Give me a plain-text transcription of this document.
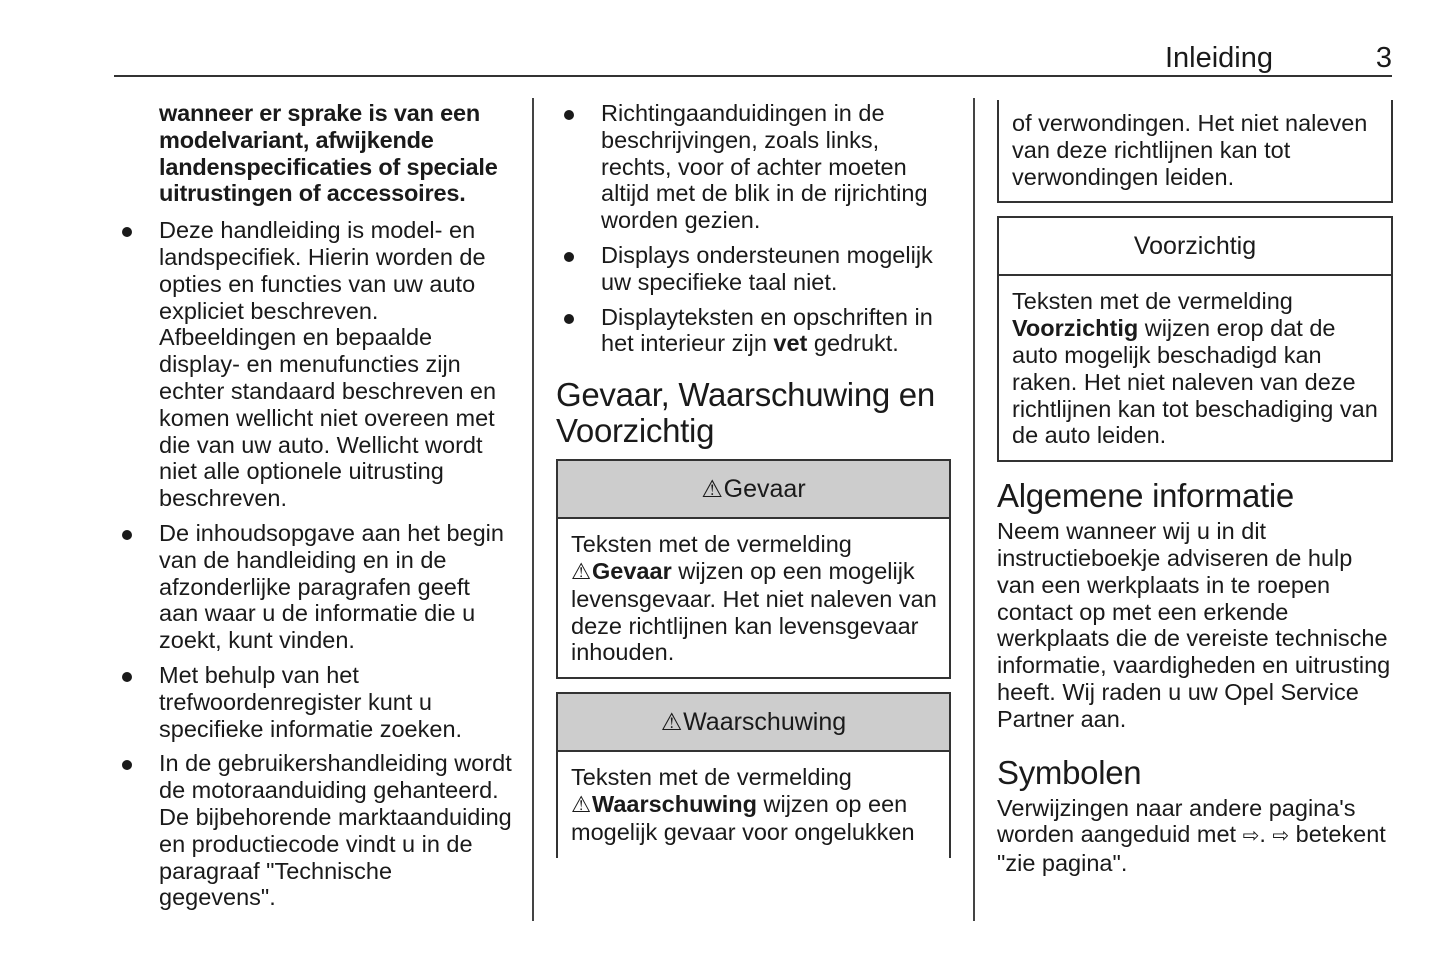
Inleiding	3
wanneer er sprake is van een modelvariant, afwijkende landenspecificaties of speciale uitrustingen of accessoires.
Deze handleiding is model- en landspecifiek. Hierin worden de opties en functies van uw auto expliciet beschreven. Afbeeldingen en bepaalde display- en menufuncties zijn echter standaard beschreven en komen wellicht niet overeen met die van uw auto. Wellicht wordt niet alle optionele uitrusting beschreven.
De inhoudsopgave aan het begin van de handleiding en in de afzonderlijke paragrafen geeft aan waar u de informatie die u zoekt, kunt vinden.
Met behulp van het trefwoordenregister kunt u specifieke informatie zoeken.
In de gebruikershandleiding wordt de motoraanduiding gehanteerd. De bijbehorende marktaanduiding en productiecode vindt u in de paragraaf "Technische gegevens".
Richtingaanduidingen in de beschrijvingen, zoals links, rechts, voor of achter moeten altijd met de blik in de rijrichting worden gezien.
Displays ondersteunen mogelijk uw specifieke taal niet.
Displayteksten en opschriften in het interieur zijn vet gedrukt.
Gevaar, Waarschuwing en Voorzichtig
⚠Gevaar
Teksten met de vermelding
⚠Gevaar wijzen op een mogelijk levensgevaar. Het niet naleven van deze richtlijnen kan levensgevaar inhouden.
⚠Waarschuwing
Teksten met de vermelding
⚠Waarschuwing wijzen op een mogelijk gevaar voor ongelukken
of verwondingen. Het niet naleven van deze richtlijnen kan tot verwondingen leiden.
Voorzichtig
Teksten met de vermelding
Voorzichtig wijzen erop dat de auto mogelijk beschadigd kan raken. Het niet naleven van deze richtlijnen kan tot beschadiging van de auto leiden.
Algemene informatie

Neem wanneer wij u in dit instructieboekje adviseren de hulp van een werkplaats in te roepen contact op met een erkende werkplaats die de vereiste technische informatie, vaardigheden en uitrusting heeft. Wij raden u uw Opel Service Partner aan.

Symbolen

Verwijzingen naar andere pagina's worden aangeduid met ⇨. ⇨ betekent "zie pagina".
